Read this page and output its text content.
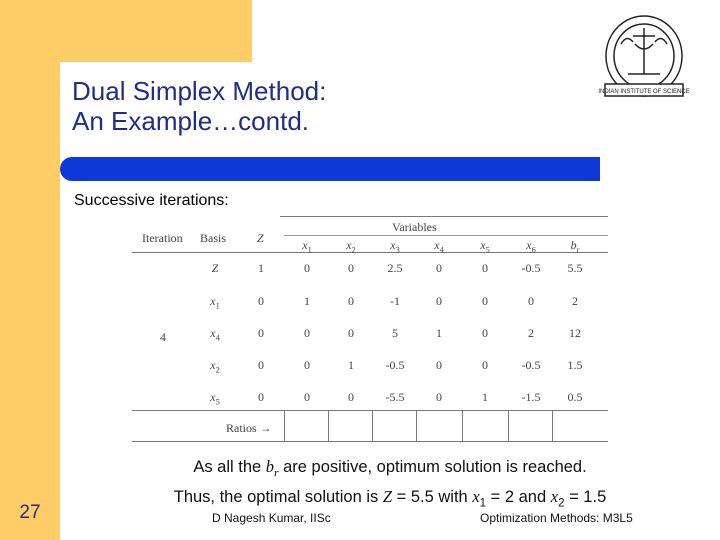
Dual Simplex Method:
An Example…contd.
INDIAN INSTITUTE OF SCIENCE
Successive iterations:
Variables
Iteration Basis	Z	$x_1$	$x_2$	$x_3$	$x_4$	$x_5$	$x_6$	$b_r$
4
Z	1	0	0	2.5	0	0	-0.5	5.5
$x_1$	0	1	0	-1	0	0	0	2
$x_4$	0	0	0	5	1	0	2	12
$x_2$	0	0	1	-0.5	0	0	-0.5	1.5
$x_5$	0	0	0	-5.5	0	1	-1.5	0.5
Ratios →
As all the $b_r$ are positive, optimum solution is reached.
Thus, the optimal solution is Z = 5.5 with $x_1 = 2$ and $x_2 = 1.5$
27	D Nagesh Kumar, IISc	Optimization Methods: M3L5
